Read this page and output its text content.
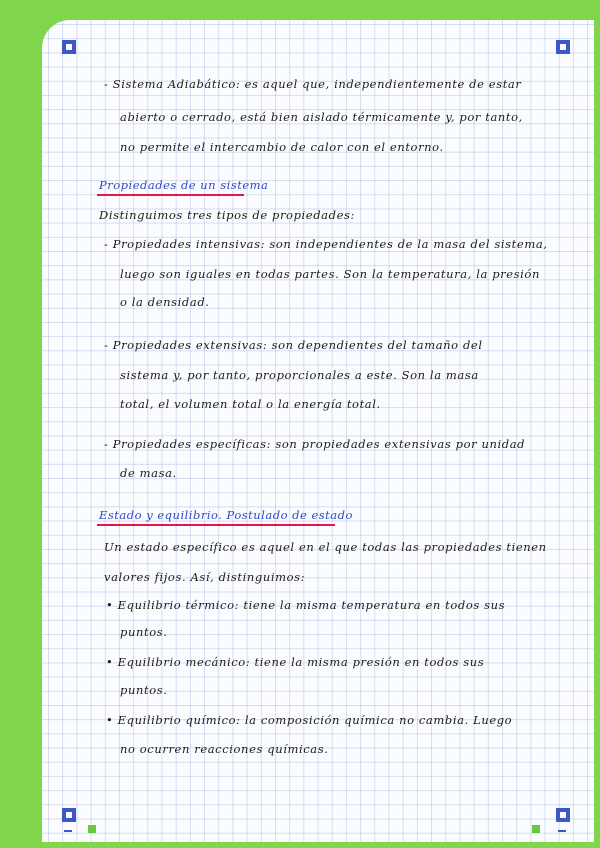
- Sistema Adiabático: es aquel que, independientemente de estar
abierto o cerrado, está bien aislado térmicamente y, por tanto,
no permite el intercambio de calor con el entorno.
Propiedades de un sistema
Distinguimos tres tipos de propiedades:
- Propiedades intensivas: son independientes de la masa del sistema,
luego son iguales en todas partes. Son la temperatura, la presión
o la densidad.
- Propiedades extensivas: son dependientes del tamaño del
sistema y, por tanto, proporcionales a este. Son la masa
total, el volumen total o la energía total.
- Propiedades específicas: son propiedades extensivas por unidad
de masa.
Estado y equilibrio. Postulado de estado
Un estado específico es aquel en el que todas las propiedades tienen
valores fijos. Así, distinguimos:
• Equilibrio térmico: tiene la misma temperatura en todos sus
puntos.
• Equilibrio mecánico: tiene la misma presión en todos sus
puntos.
• Equilibrio químico: la composición química no cambia. Luego
no ocurren reacciones químicas.
